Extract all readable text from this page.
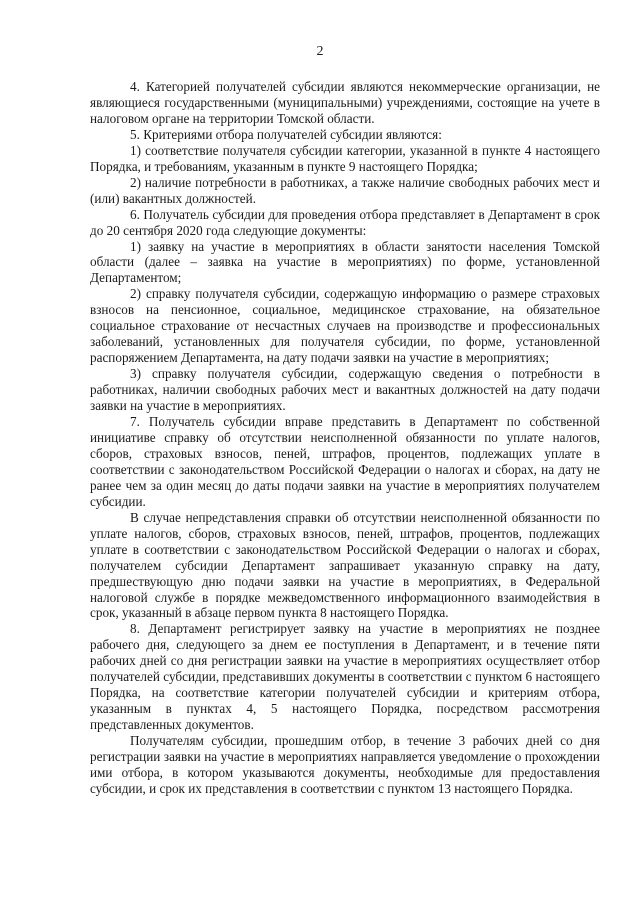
2

4. Категорией получателей субсидии являются некоммерческие организации, не являющиеся государственными (муниципальными) учреждениями, состоящие на учете в налоговом органе на территории Томской области.

5. Критериями отбора получателей субсидии являются:

1) соответствие получателя субсидии категории, указанной в пункте 4 настоящего Порядка, и требованиям, указанным в пункте 9 настоящего Порядка;

2) наличие потребности в работниках, а также наличие свободных рабочих мест и (или) вакантных должностей.

6. Получатель субсидии для проведения отбора представляет в Департамент в срок до 20 сентября 2020 года следующие документы:

1) заявку на участие в мероприятиях в области занятости населения Томской области (далее – заявка на участие в мероприятиях) по форме, установленной Департаментом;

2) справку получателя субсидии, содержащую информацию о размере страховых взносов на пенсионное, социальное, медицинское страхование, на обязательное социальное страхование от несчастных случаев на производстве и профессиональных заболеваний, установленных для получателя субсидии, по форме, установленной распоряжением Департамента, на дату подачи заявки на участие в мероприятиях;

3) справку получателя субсидии, содержащую сведения о потребности в работниках, наличии свободных рабочих мест и вакантных должностей на дату подачи заявки на участие в мероприятиях.

7. Получатель субсидии вправе представить в Департамент по собственной инициативе справку об отсутствии неисполненной обязанности по уплате налогов, сборов, страховых взносов, пеней, штрафов, процентов, подлежащих уплате в соответствии с законодательством Российской Федерации о налогах и сборах, на дату не ранее чем за один месяц до даты подачи заявки на участие в мероприятиях получателем субсидии.

В случае непредставления справки об отсутствии неисполненной обязанности по уплате налогов, сборов, страховых взносов, пеней, штрафов, процентов, подлежащих уплате в соответствии с законодательством Российской Федерации о налогах и сборах, получателем субсидии Департамент запрашивает указанную справку на дату, предшествующую дню подачи заявки на участие в мероприятиях, в Федеральной налоговой службе в порядке межведомственного информационного взаимодействия в срок, указанный в абзаце первом пункта 8 настоящего Порядка.

8. Департамент регистрирует заявку на участие в мероприятиях не позднее рабочего дня, следующего за днем ее поступления в Департамент, и в течение пяти рабочих дней со дня регистрации заявки на участие в мероприятиях осуществляет отбор получателей субсидии, представивших документы в соответствии с пунктом 6 настоящего Порядка, на соответствие категории получателей субсидии и критериям отбора, указанным в пунктах 4, 5 настоящего Порядка, посредством рассмотрения представленных документов.

Получателям субсидии, прошедшим отбор, в течение 3 рабочих дней со дня регистрации заявки на участие в мероприятиях направляется уведомление о прохождении ими отбора, в котором указываются документы, необходимые для предоставления субсидии, и срок их представления в соответствии с пунктом 13 настоящего Порядка.
